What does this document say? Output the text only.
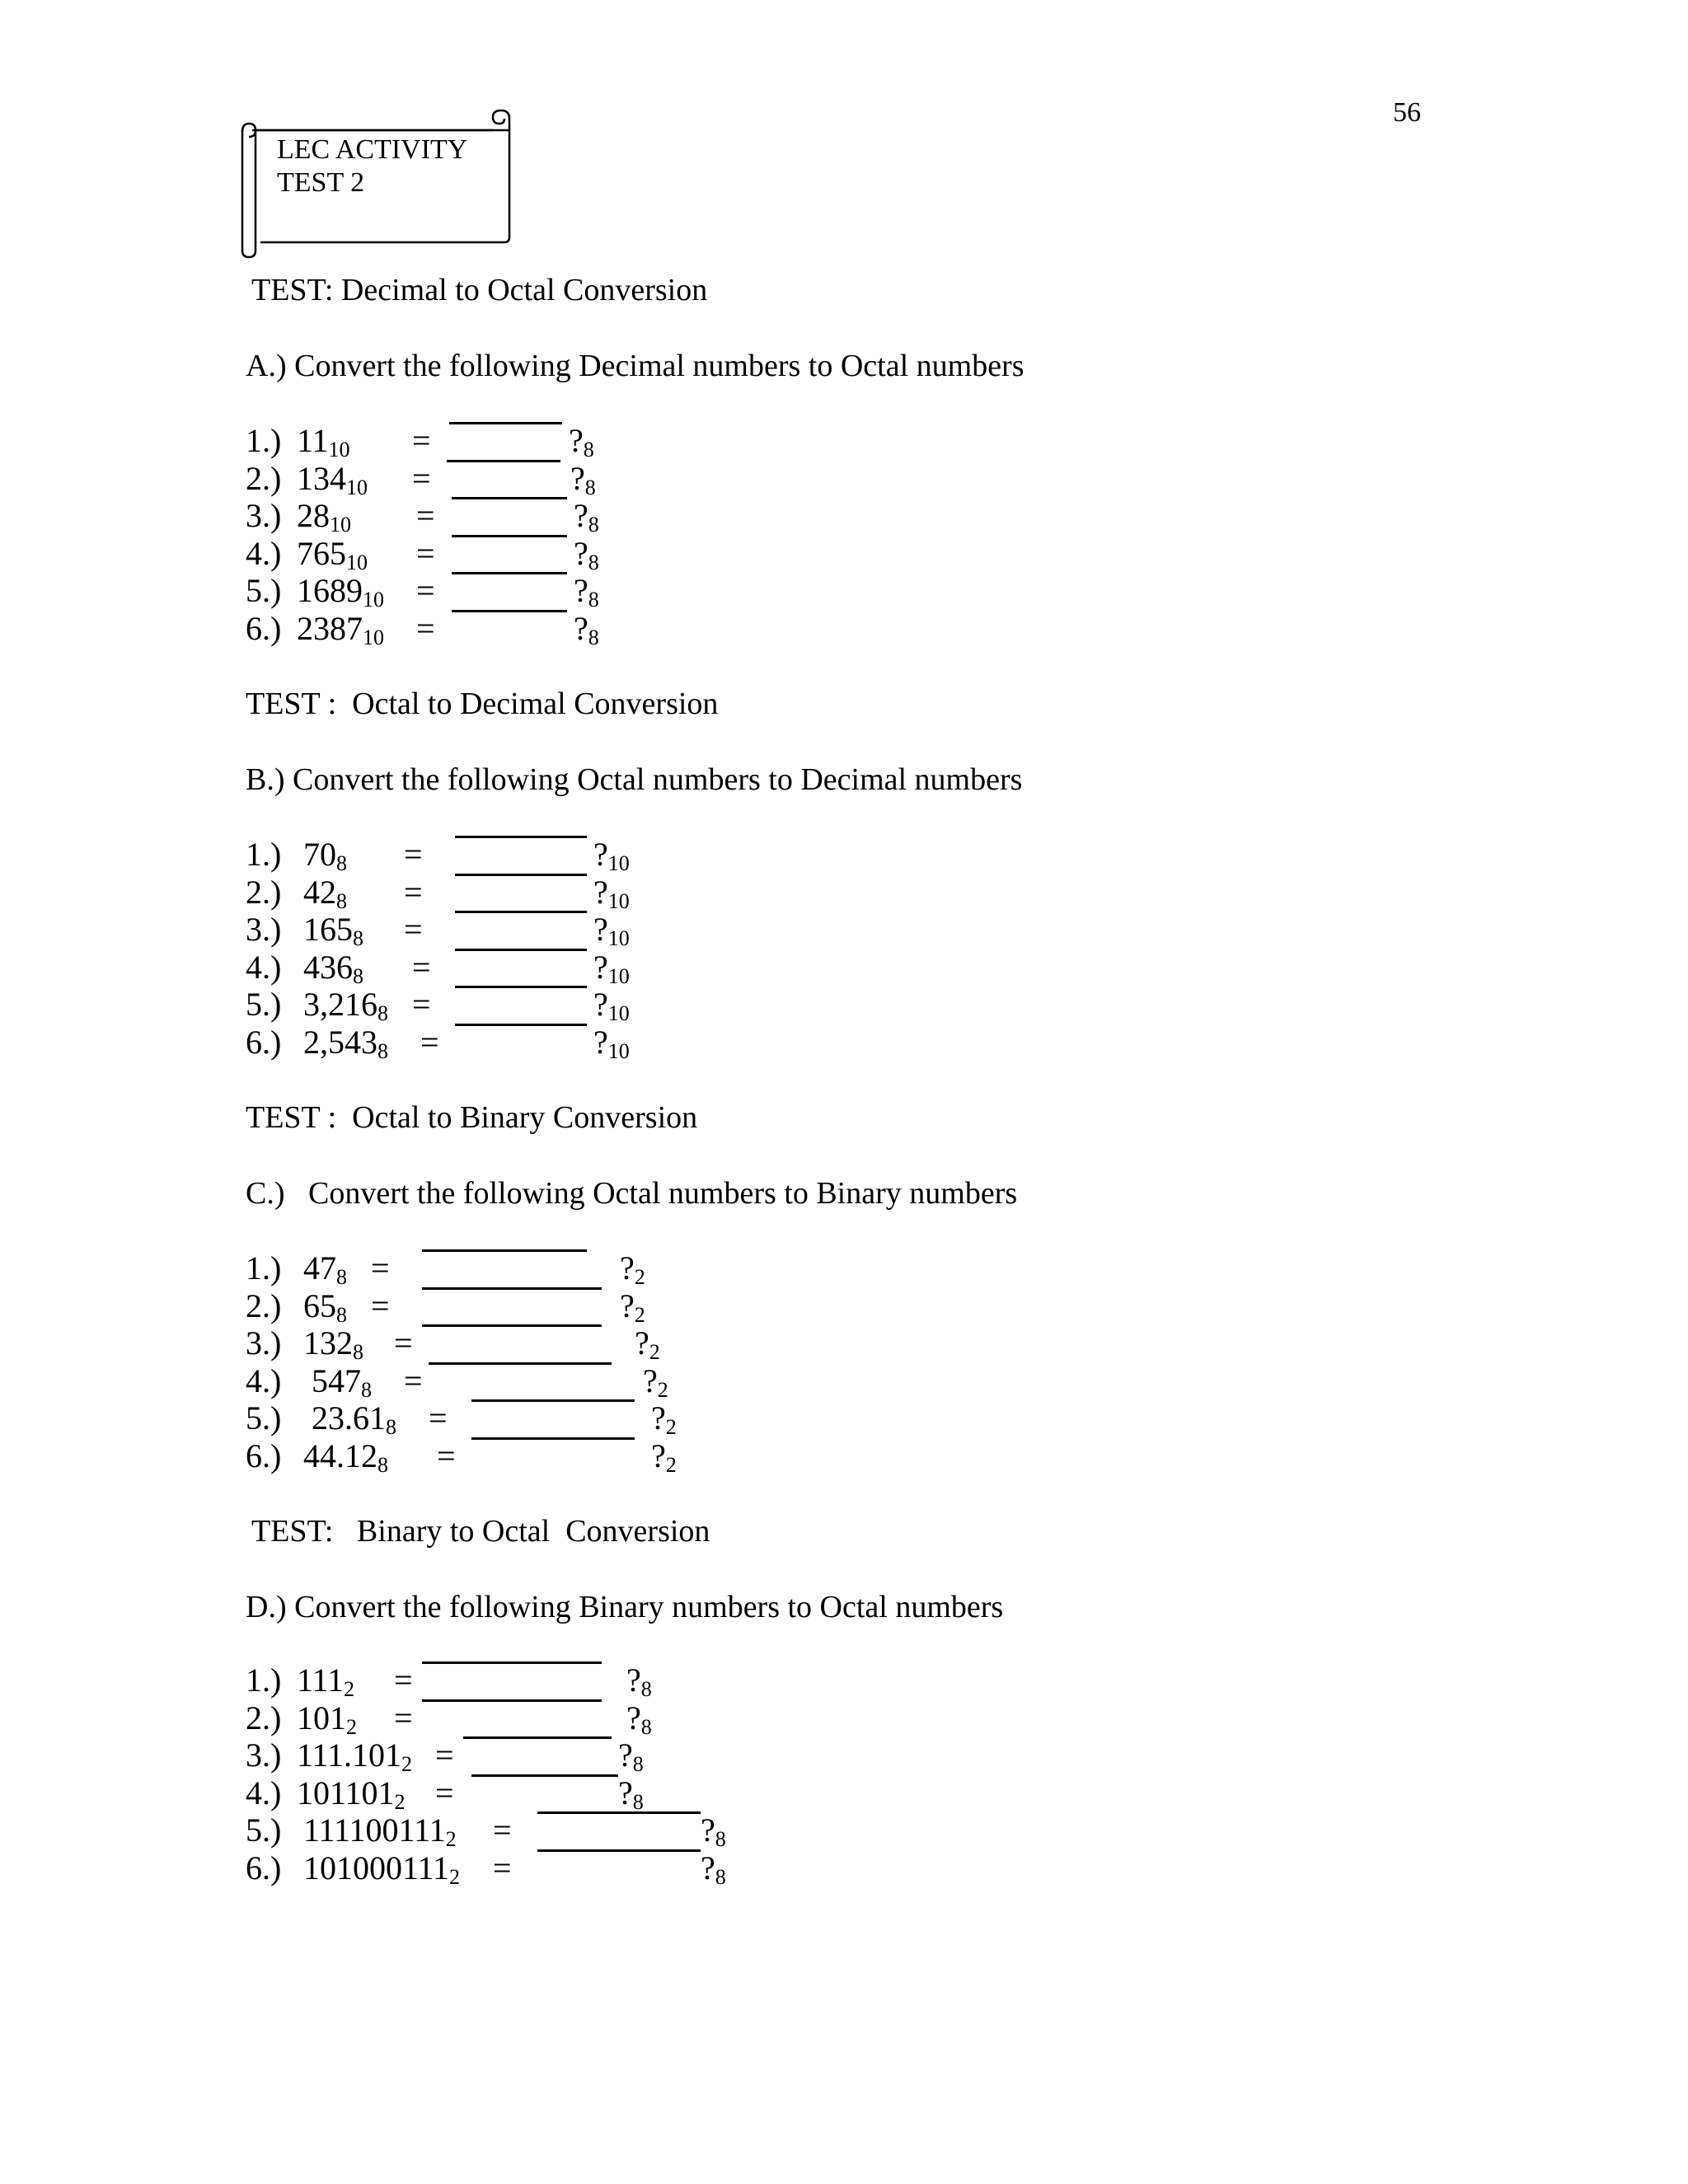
56
LEC ACTIVITY
TEST 2
TEST: Decimal to Octal Conversion
A.) Convert the following Decimal numbers to Octal numbers
1.) $11_{10}$ =	$?_8$
2.) $134_{10}$ =	$?_8$
3.) $28_{10}$ =	$?_8$
4.) $765_{10}$ =	$?_8$
5.) $1689_{10}$ =	$?_8$
6.) $2387_{10}$ =	$?_8$
TEST :  Octal to Decimal Conversion
B.) Convert the following Octal numbers to Decimal numbers
1.) $70_8$ =	$?_{10}$
2.) $42_8$ =	$?_{10}$
3.) $165_8$ =	$?_{10}$
4.) $436_8$ =	$?_{10}$
5.) $3,216_8$ =	$?_{10}$
6.) $2,543_8$ =	$?_{10}$
TEST :  Octal to Binary Conversion
C.)   Convert the following Octal numbers to Binary numbers
1.) $47_8$ =	$?_2$
2.) $65_8$ =	$?_2$
3.) $132_8$ =	$?_2$
4.) $547_8$ =	$?_2$
5.) $23.61_8$ =	$?_2$
6.) $44.12_8$ =	$?_2$
TEST:   Binary to Octal  Conversion
D.) Convert the following Binary numbers to Octal numbers
1.) $111_2$ =	$?_8$
2.) $101_2$ =	$?_8$
3.) $111.101_2$ =	$?_8$
4.) $101101_2$ =	$?_8$
5.) $111100111_2$ =	$?_8$
6.) $101000111_2$ =	$?_8$
